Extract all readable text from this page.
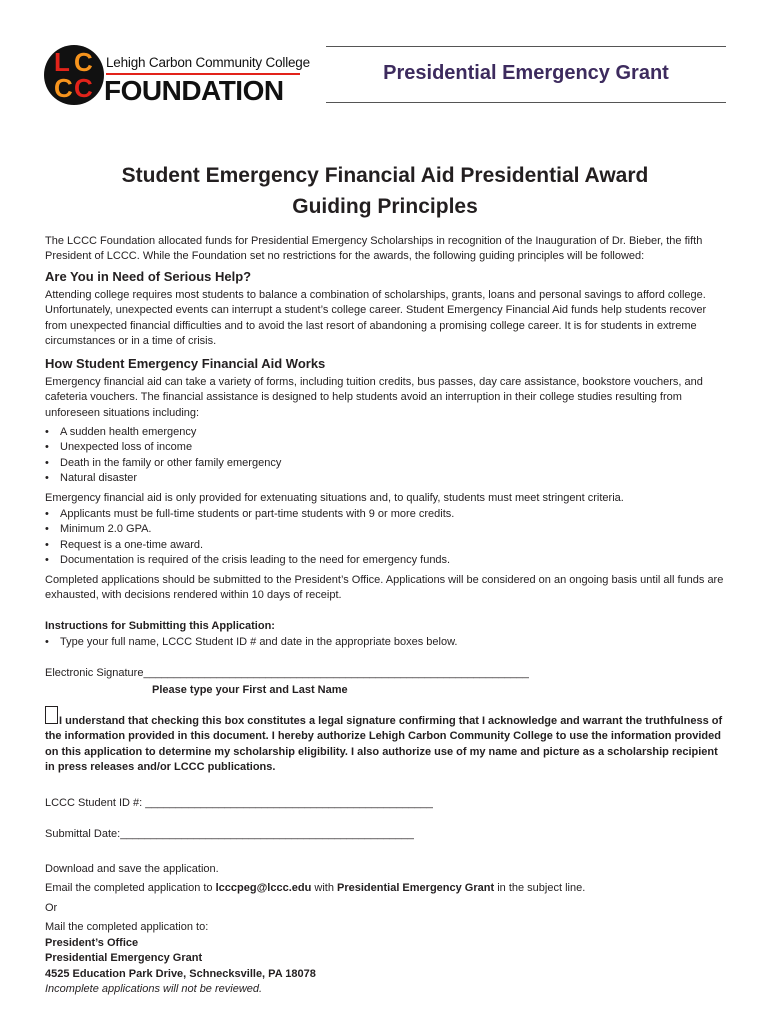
L C
C C
Lehigh Carbon Community College
FOUNDATION
Presidential Emergency Grant
Student Emergency Financial Aid Presidential Award
Guiding Principles
The LCCC Foundation allocated funds for Presidential Emergency Scholarships in recognition of the Inauguration of Dr. Bieber, the fifth President of LCCC. While the Foundation set no restrictions for the awards, the following guiding principles will be followed:
Are You in Need of Serious Help?
Attending college requires most students to balance a combination of scholarships, grants, loans and personal savings to afford college. Unfortunately, unexpected events can interrupt a student’s college career. Student Emergency Financial Aid funds help students recover from unexpected financial difficulties and to avoid the last resort of abandoning a promising college career. It is for students in extreme circumstances or in a time of crisis.
How Student Emergency Financial Aid Works
Emergency financial aid can take a variety of forms, including tuition credits, bus passes, day care assistance, bookstore vouchers, and cafeteria vouchers. The financial assistance is designed to help students avoid an interruption in their college studies resulting from unforeseen situations including:
• A sudden health emergency
• Unexpected loss of income
• Death in the family or other family emergency
• Natural disaster
Emergency financial aid is only provided for extenuating situations and, to qualify, students must meet stringent criteria.
• Applicants must be full-time students or part-time students with 9 or more credits.
• Minimum 2.0 GPA.
• Request is a one-time award.
• Documentation is required of the crisis leading to the need for emergency funds.
Completed applications should be submitted to the President’s Office. Applications will be considered on an ongoing basis until all funds are exhausted, with decisions rendered within 10 days of receipt.
Instructions for Submitting this Application:
• Type your full name, LCCC Student ID # and date in the appropriate boxes below.
Electronic Signature_______________________________________________________________
Please type your First and Last Name
I understand that checking this box constitutes a legal signature confirming that I acknowledge and warrant the truthfulness of the information provided in this document. I hereby authorize Lehigh Carbon Community College to use the information provided on this application to determine my scholarship eligibility. I also authorize use of my name and picture as a scholarship recipient in press releases and/or LCCC publications.
LCCC Student ID #: _______________________________________________
Submittal Date:________________________________________________
Download and save the application.
Email the completed application to lcccpeg@lccc.edu with Presidential Emergency Grant in the subject line.
Or
Mail the completed application to:
President’s Office
Presidential Emergency Grant
4525 Education Park Drive, Schnecksville, PA 18078
Incomplete applications will not be reviewed.
